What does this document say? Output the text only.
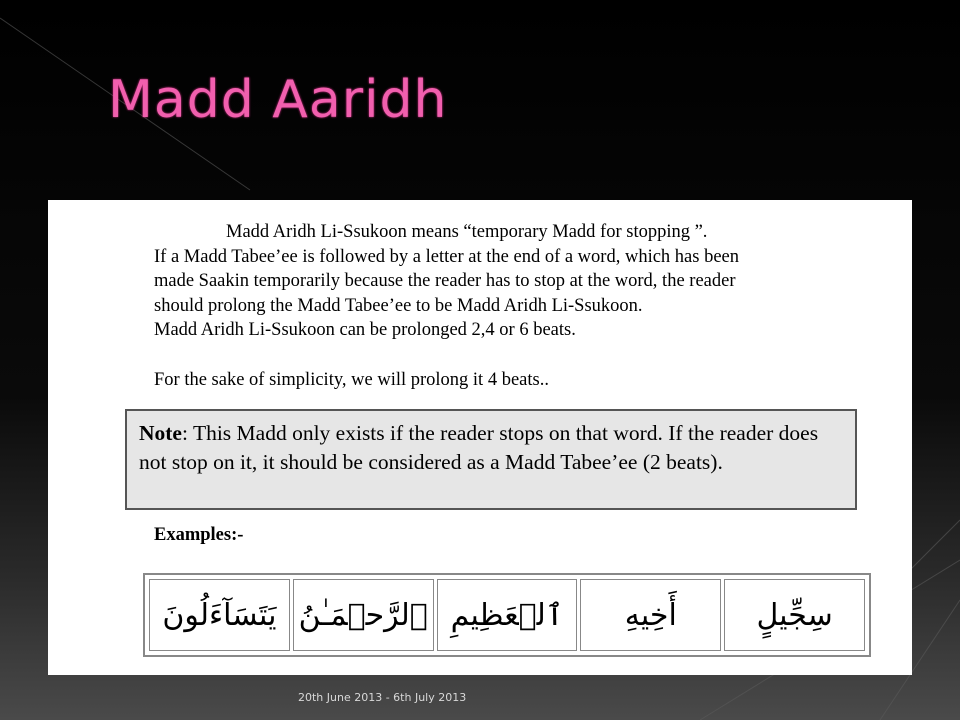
Madd Aaridh
Madd Aridh Li-Ssukoon means “temporary Madd for stopping ”.
If a Madd Tabee’ee is followed by a letter at the end of a word, which has been
made Saakin temporarily because the reader has to stop at the word, the reader
should prolong the Madd Tabee’ee to be Madd Aridh Li-Ssukoon.
Madd Aridh Li-Ssukoon can be prolonged 2,4 or 6 beats.
For the sake of simplicity, we will prolong it 4 beats..
Note: This Madd only exists if the reader stops on that word. If the reader does not stop on it, it should be considered as a Madd Tabee’ee (2 beats).
Examples:-
يَتَسَآءَلُونَ ٱلرَّحۡمَـٰنُ ٱلۡعَظِيمِ	أَخِيهِ	سِجِّيلٍ
20th June 2013 - 6th July 2013
